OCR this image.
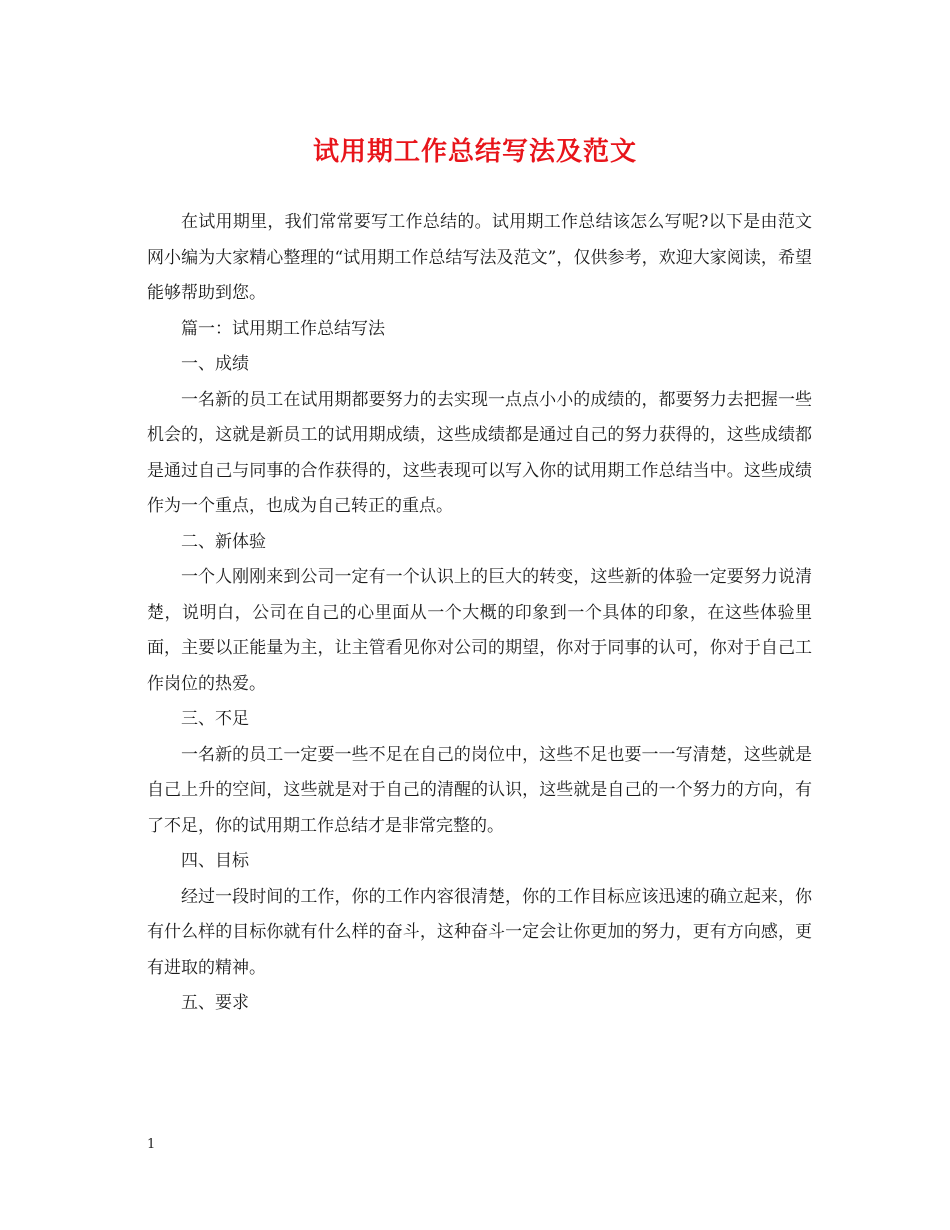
试用期工作总结写法及范文

在试用期里，我们常常要写工作总结的。试用期工作总结该怎么写呢?以下是由范文网小编为大家精心整理的“试用期工作总结写法及范文”，仅供参考，欢迎大家阅读，希望能够帮助到您。

篇一：试用期工作总结写法

一、成绩

一名新的员工在试用期都要努力的去实现一点点小小的成绩的，都要努力去把握一些机会的，这就是新员工的试用期成绩，这些成绩都是通过自己的努力获得的，这些成绩都是通过自己与同事的合作获得的，这些表现可以写入你的试用期工作总结当中。这些成绩作为一个重点，也成为自己转正的重点。

二、新体验

一个人刚刚来到公司一定有一个认识上的巨大的转变，这些新的体验一定要努力说清楚，说明白，公司在自己的心里面从一个大概的印象到一个具体的印象，在这些体验里面，主要以正能量为主，让主管看见你对公司的期望，你对于同事的认可，你对于自己工作岗位的热爱。

三、不足

一名新的员工一定要一些不足在自己的岗位中，这些不足也要一一写清楚，这些就是自己上升的空间，这些就是对于自己的清醒的认识，这些就是自己的一个努力的方向，有了不足，你的试用期工作总结才是非常完整的。

四、目标

经过一段时间的工作，你的工作内容很清楚，你的工作目标应该迅速的确立起来，你有什么样的目标你就有什么样的奋斗，这种奋斗一定会让你更加的努力，更有方向感，更有进取的精神。

五、要求

1
